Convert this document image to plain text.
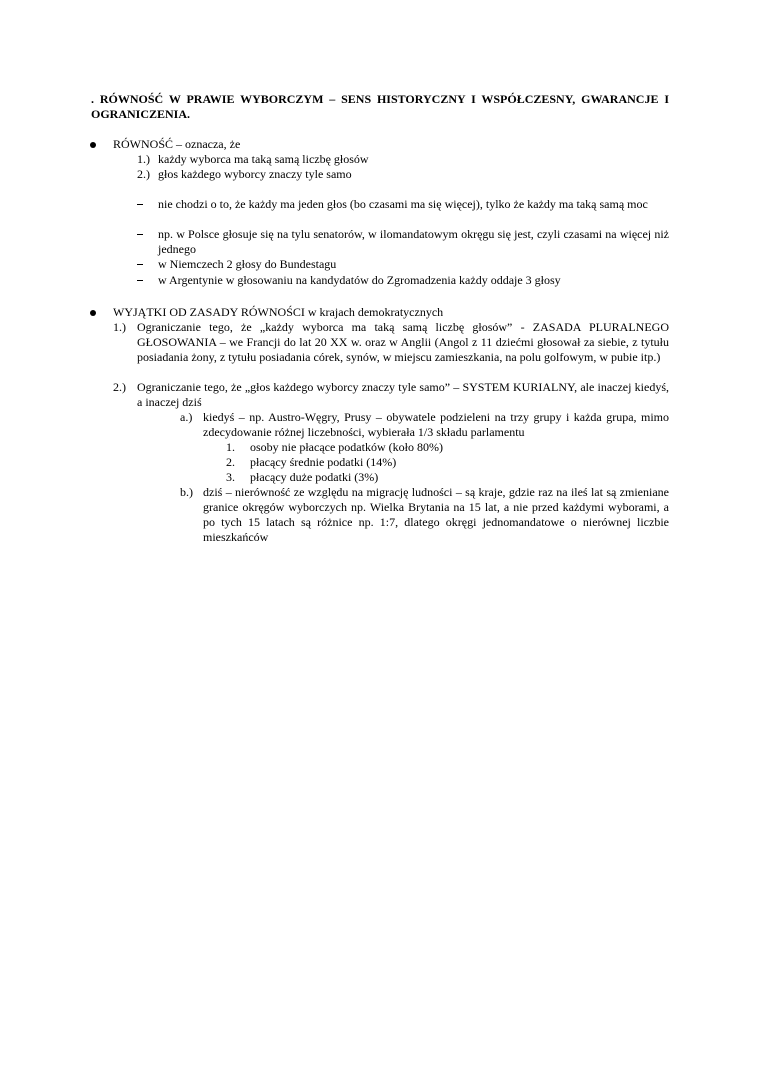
. RÓWNOŚĆ W PRAWIE WYBORCZYM – SENS HISTORYCZNY I WSPÓŁCZESNY, GWARANCJE I OGRANICZENIA.
RÓWNOŚĆ – oznacza, że
1.) każdy wyborca ma taką samą liczbę głosów
2.) głos każdego wyborcy znaczy tyle samo
nie chodzi o to, że każdy ma jeden głos (bo czasami ma się więcej), tylko że każdy ma taką samą moc
np. w Polsce głosuje się na tylu senatorów, w ilomandatowym okręgu się jest, czyli czasami na więcej niż jednego
w Niemczech 2 głosy do Bundestagu
w Argentynie w głosowaniu na kandydatów do Zgromadzenia każdy oddaje 3 głosy
WYJĄTKI OD ZASADY RÓWNOŚCI w krajach demokratycznych
1.) Ograniczanie tego, że „każdy wyborca ma taką samą liczbę głosów” - ZASADA PLURALNEGO GŁOSOWANIA – we Francji do lat 20 XX w. oraz w Anglii (Angol z 11 dziećmi głosował za siebie, z tytułu posiadania żony, z tytułu posiadania córek, synów, w miejscu zamieszkania, na polu golfowym, w pubie itp.)
2.) Ograniczanie tego, że „głos każdego wyborcy znaczy tyle samo” – SYSTEM KURIALNY, ale inaczej kiedyś, a inaczej dziś
a.) kiedyś – np. Austro-Węgry, Prusy – obywatele podzieleni na trzy grupy i każda grupa, mimo zdecydowanie różnej liczebności, wybierała 1/3 składu parlamentu
1. osoby nie płacące podatków (koło 80%)
2. płacący średnie podatki (14%)
3. płacący duże podatki (3%)
b.) dziś – nierówność ze względu na migrację ludności – są kraje, gdzie raz na ileś lat są zmieniane granice okręgów wyborczych np. Wielka Brytania na 15 lat, a nie przed każdymi wyborami, a po tych 15 latach są różnice np. 1:7, dlatego okręgi jednomandatowe o nierównej liczbie mieszkańców
